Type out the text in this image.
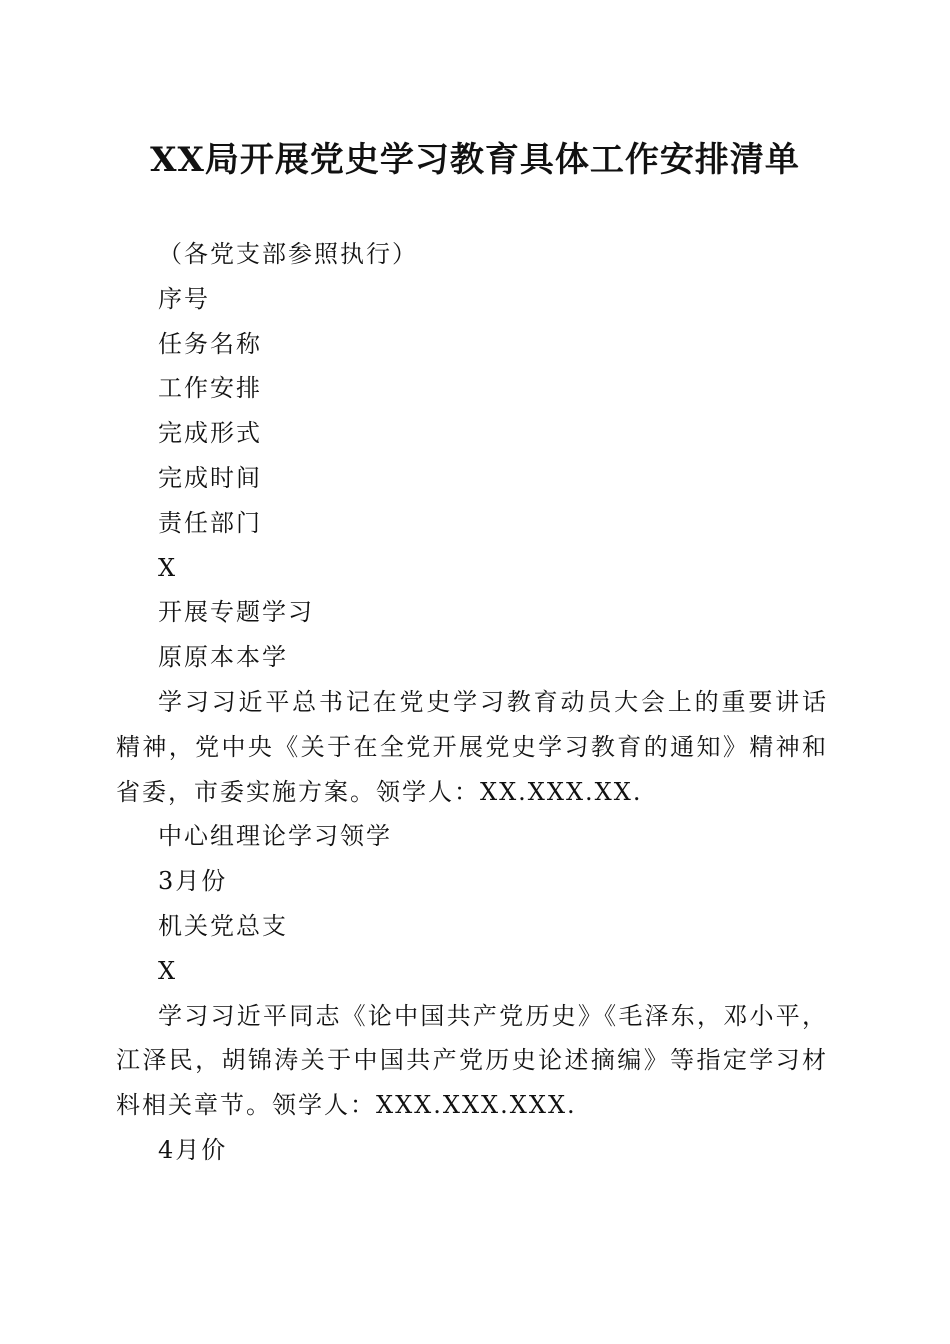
XX局开展党史学习教育具体工作安排清单

（各党支部参照执行）

序号

任务名称

工作安排

完成形式

完成时间

责任部门

X

开展专题学习

原原本本学

学习习近平总书记在党史学习教育动员大会上的重要讲话精神，党中央《关于在全党开展党史学习教育的通知》精神和省委，市委实施方案。领学人：XX.XXX.XX.

中心组理论学习领学

3月份

机关党总支

X

学习习近平同志《论中国共产党历史》《毛泽东，邓小平，江泽民，胡锦涛关于中国共产党历史论述摘编》等指定学习材料相关章节。领学人：XXX.XXX.XXX.

4月价
